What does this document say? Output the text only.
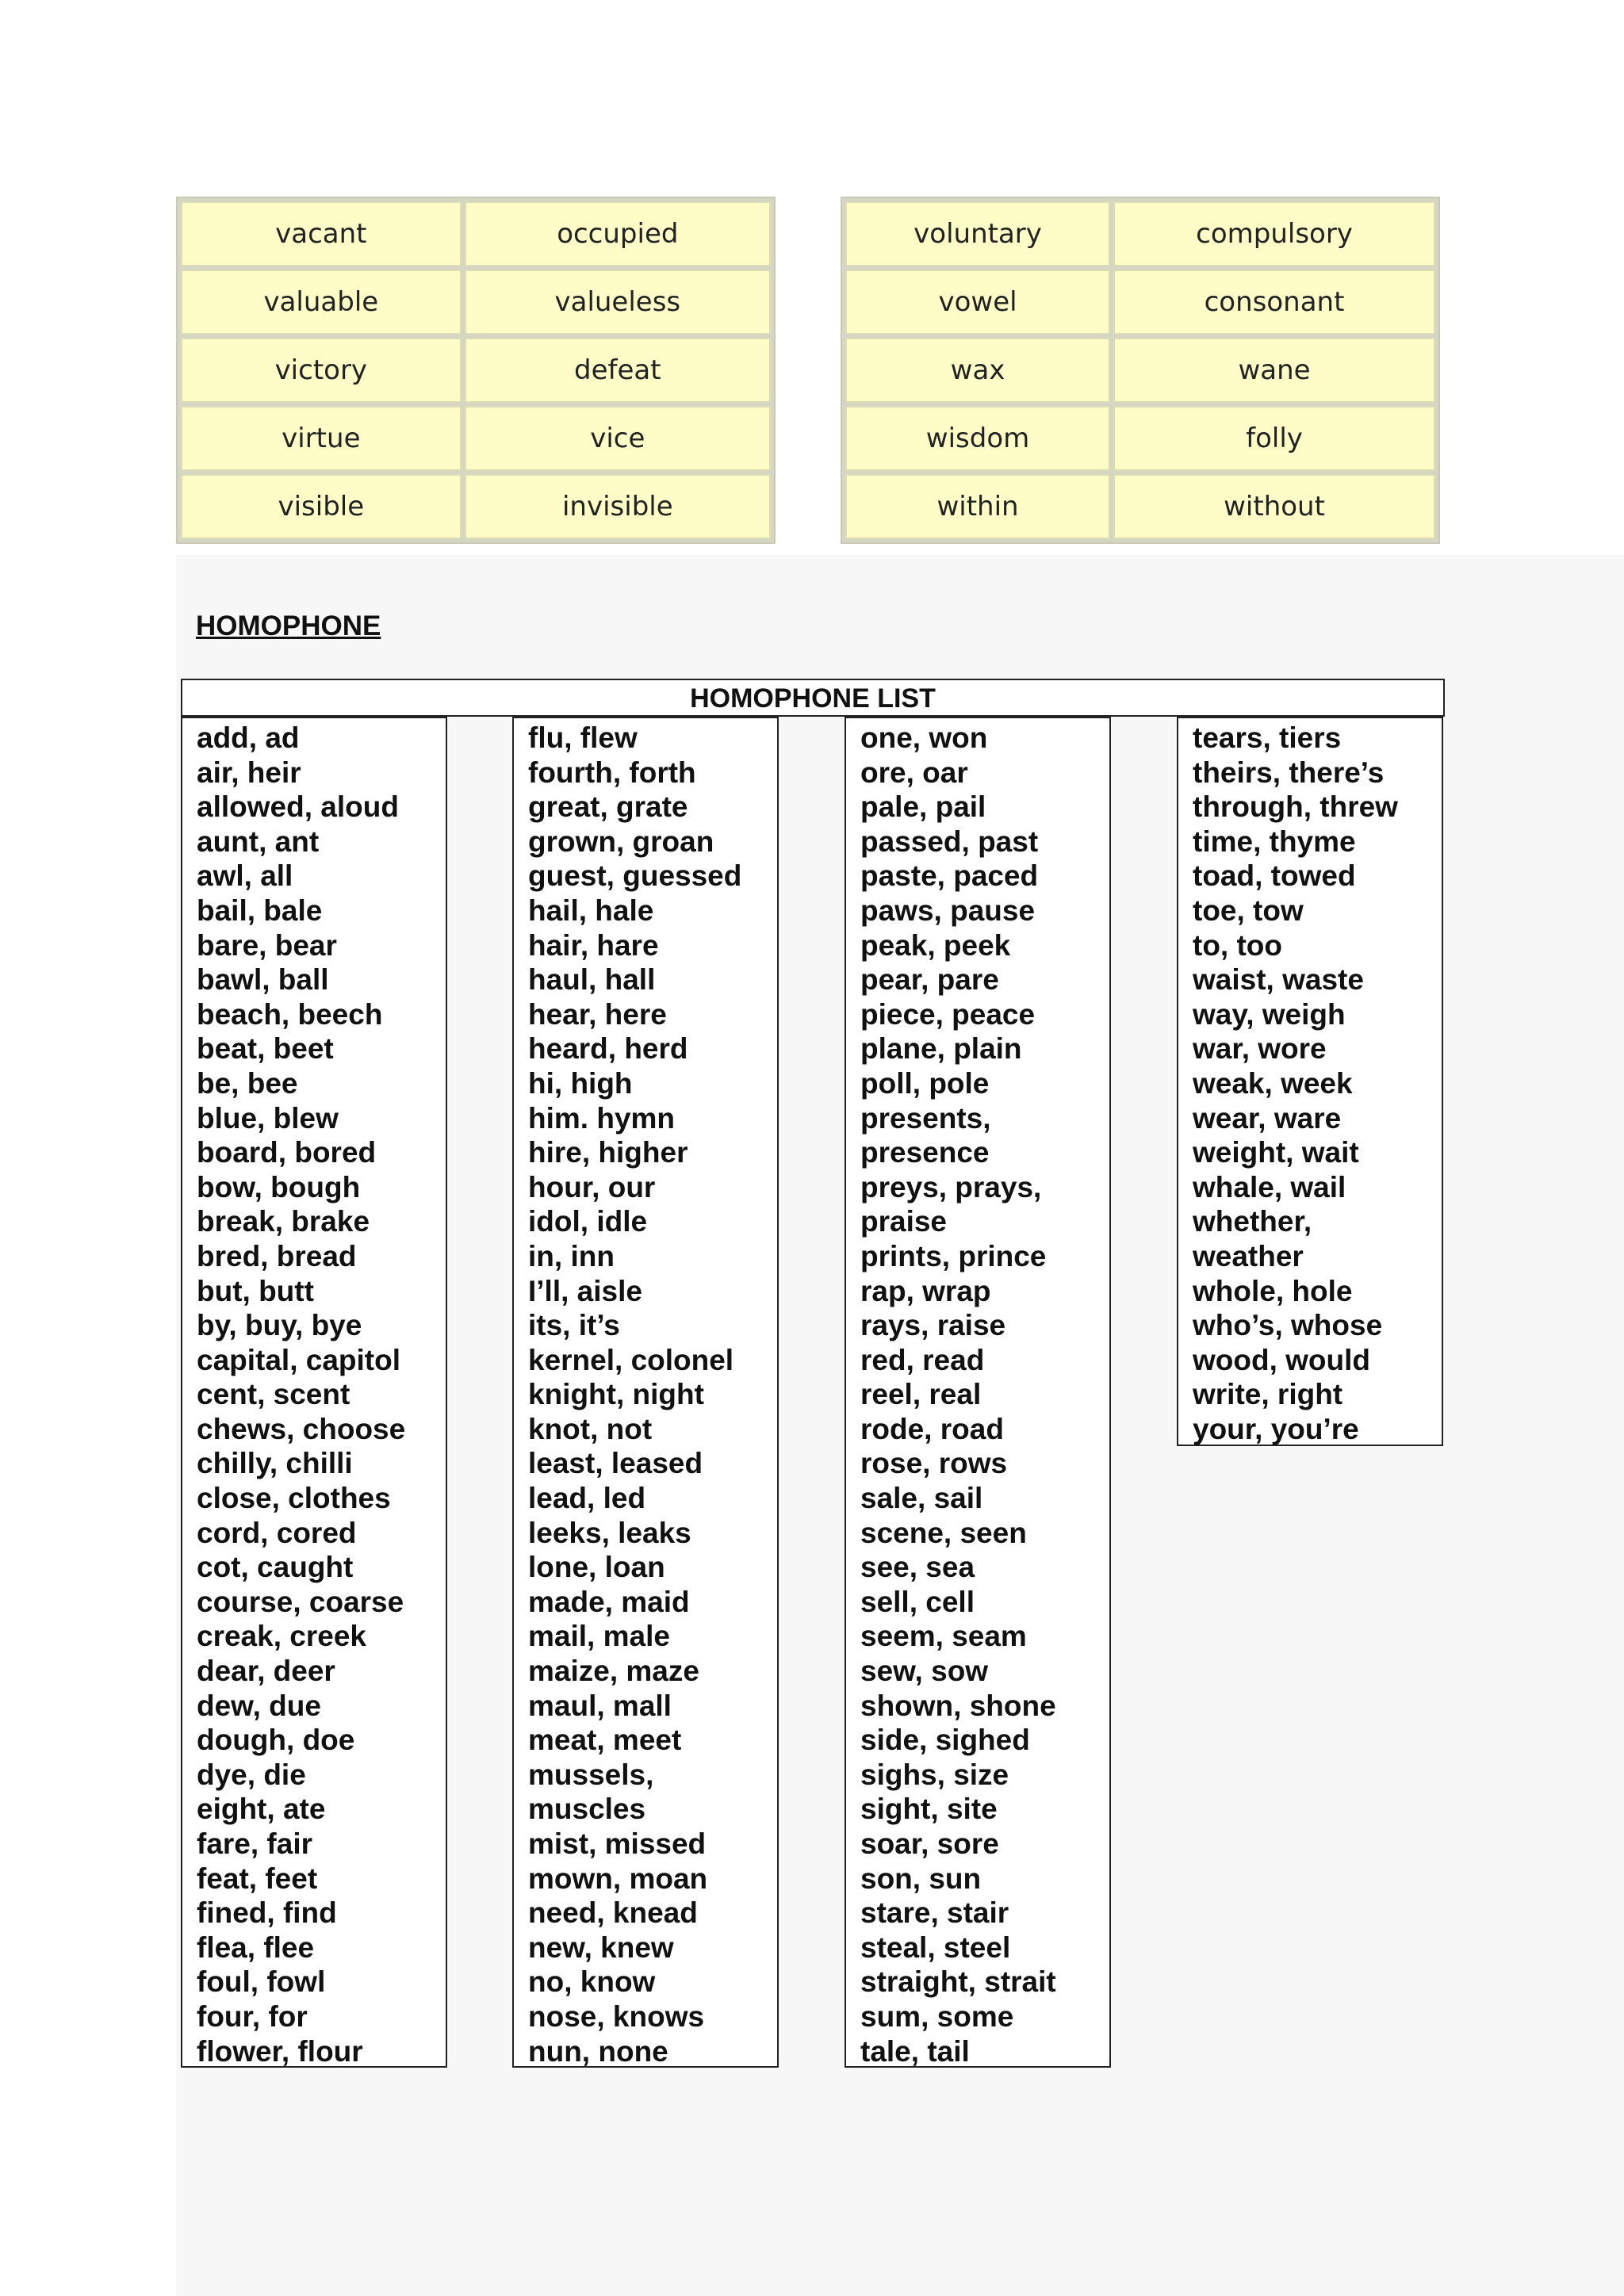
vacant	occupied
valuable	valueless
victory	defeat
virtue	vice
visible	invisible
voluntary	compulsory
vowel	consonant
wax	wane
wisdom	folly
within	without
HOMOPHONE
HOMOPHONE LIST
add, ad
air, heir
allowed, aloud
aunt, ant
awl, all
bail, bale
bare, bear
bawl, ball
beach, beech
beat, beet
be, bee
blue, blew
board, bored
bow, bough
break, brake
bred, bread
but, butt
by, buy, bye
capital, capitol
cent, scent
chews, choose
chilly, chilli
close, clothes
cord, cored
cot, caught
course, coarse
creak, creek
dear, deer
dew, due
dough, doe
dye, die
eight, ate
fare, fair
feat, feet
fined, find
flea, flee
foul, fowl
four, for
flower, flour
flu, flew
fourth, forth
great, grate
grown, groan
guest, guessed
hail, hale
hair, hare
haul, hall
hear, here
heard, herd
hi, high
him. hymn
hire, higher
hour, our
idol, idle
in, inn
I’ll, aisle
its, it’s
kernel, colonel
knight, night
knot, not
least, leased
lead, led
leeks, leaks
lone, loan
made, maid
mail, male
maize, maze
maul, mall
meat, meet
mussels,
muscles
mist, missed
mown, moan
need, knead
new, knew
no, know
nose, knows
nun, none
one, won
ore, oar
pale, pail
passed, past
paste, paced
paws, pause
peak, peek
pear, pare
piece, peace
plane, plain
poll, pole
presents,
presence
preys, prays,
praise
prints, prince
rap, wrap
rays, raise
red, read
reel, real
rode, road
rose, rows
sale, sail
scene, seen
see, sea
sell, cell
seem, seam
sew, sow
shown, shone
side, sighed
sighs, size
sight, site
soar, sore
son, sun
stare, stair
steal, steel
straight, strait
sum, some
tale, tail
tears, tiers
theirs, there’s
through, threw
time, thyme
toad, towed
toe, tow
to, too
waist, waste
way, weigh
war, wore
weak, week
wear, ware
weight, wait
whale, wail
whether,
weather
whole, hole
who’s, whose
wood, would
write, right
your, you’re
